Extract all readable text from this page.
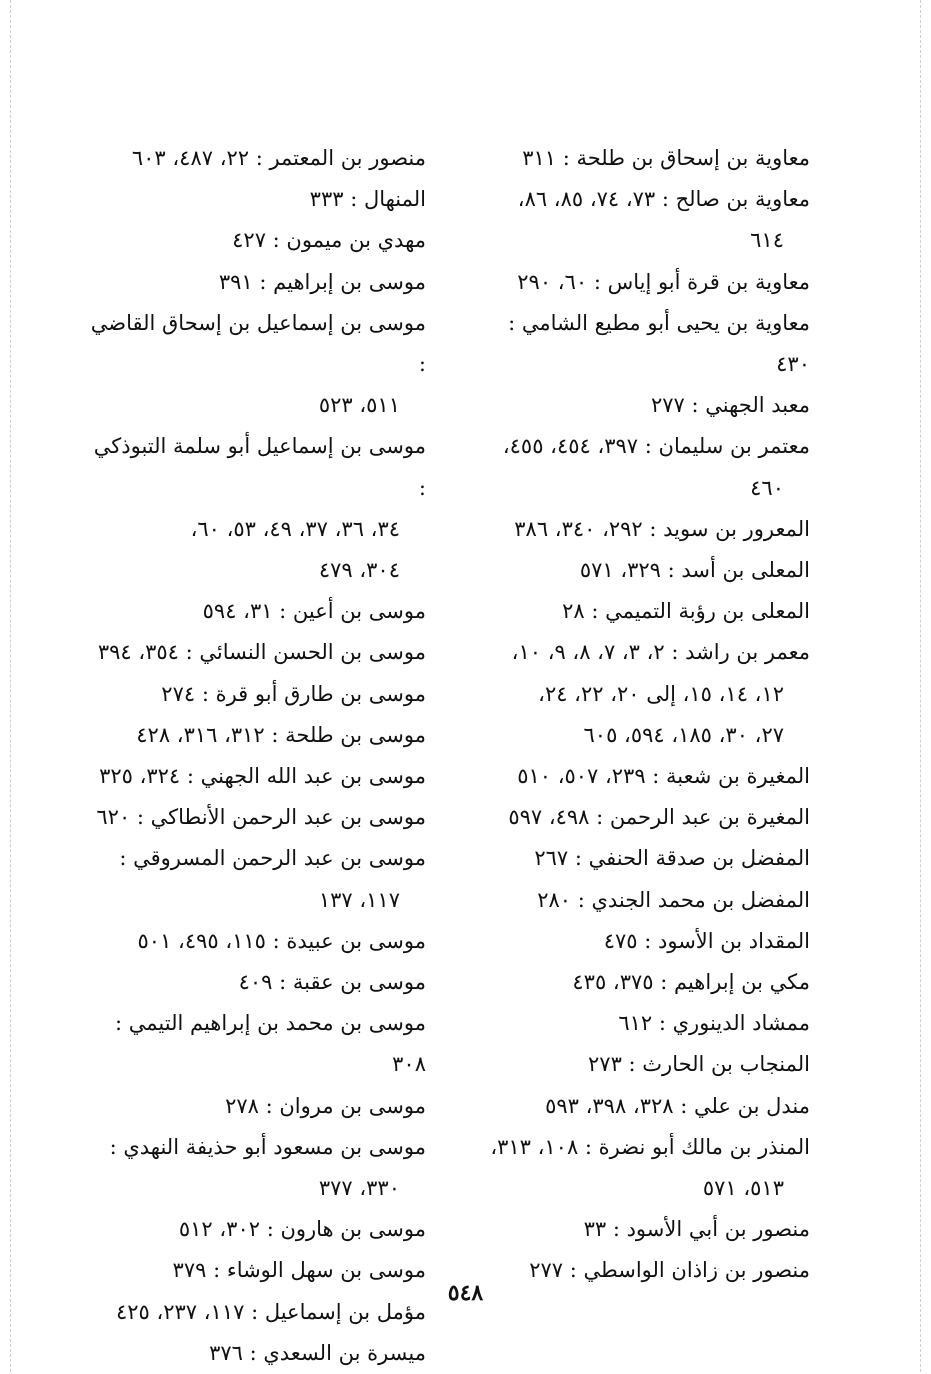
معاوية بن إسحاق بن طلحة : ٣١١
معاوية بن صالح : ٧٣، ٧٤، ٨٥، ٨٦،
٦١٤
معاوية بن قرة أبو إياس : ٦٠، ٢٩٠
معاوية بن يحيى أبو مطيع الشامي : ٤٣٠
معبد الجهني : ٢٧٧
معتمر بن سليمان : ٣٩٧، ٤٥٤، ٤٥٥،
٤٦٠
المعرور بن سويد : ٢٩٢، ٣٤٠، ٣٨٦
المعلى بن أسد : ٣٢٩، ٥٧١
المعلى بن رؤبة التميمي : ٢٨
معمر بن راشد : ٢، ٣، ٧، ٨، ٩، ١٠،
١٢، ١٤، ١٥، إلى ٢٠، ٢٢، ٢٤،
٢٧، ٣٠، ١٨٥، ٥٩٤، ٦٠٥
المغيرة بن شعبة : ٢٣٩، ٥٠٧، ٥١٠
المغيرة بن عبد الرحمن : ٤٩٨، ٥٩٧
المفضل بن صدقة الحنفي : ٢٦٧
المفضل بن محمد الجندي : ٢٨٠
المقداد بن الأسود : ٤٧٥
مكي بن إبراهيم : ٣٧٥، ٤٣٥
ممشاد الدينوري : ٦١٢
المنجاب بن الحارث : ٢٧٣
مندل بن علي : ٣٢٨، ٣٩٨، ٥٩٣
المنذر بن مالك أبو نضرة : ١٠٨، ٣١٣،
٥١٣، ٥٧١
منصور بن أبي الأسود : ٣٣
منصور بن زاذان الواسطي : ٢٧٧
منصور بن المعتمر : ٢٢، ٤٨٧، ٦٠٣
المنهال : ٣٣٣
مهدي بن ميمون : ٤٢٧
موسى بن إبراهيم : ٣٩١
موسى بن إسماعيل بن إسحاق القاضي :
٥١١، ٥٢٣
موسى بن إسماعيل أبو سلمة التبوذكي :
٣٤، ٣٦، ٣٧، ٤٩، ٥٣، ٦٠،
٣٠٤، ٤٧٩
موسى بن أعين : ٣١، ٥٩٤
موسى بن الحسن النسائي : ٣٥٤، ٣٩٤
موسى بن طارق أبو قرة : ٢٧٤
موسى بن طلحة : ٣١٢، ٣١٦، ٤٢٨
موسى بن عبد الله الجهني : ٣٢٤، ٣٢٥
موسى بن عبد الرحمن الأنطاكي : ٦٢٠
موسى بن عبد الرحمن المسروقي :
١١٧، ١٣٧
موسى بن عبيدة : ١١٥، ٤٩٥، ٥٠١
موسى بن عقبة : ٤٠٩
موسى بن محمد بن إبراهيم التيمي : ٣٠٨
موسى بن مروان : ٢٧٨
موسى بن مسعود أبو حذيفة النهدي :
٣٣٠، ٣٧٧
موسى بن هارون : ٣٠٢، ٥١٢
موسى بن سهل الوشاء : ٣٧٩
مؤمل بن إسماعيل : ١١٧، ٢٣٧، ٤٢٥
ميسرة بن السعدي : ٣٧٦
٥٤٨
